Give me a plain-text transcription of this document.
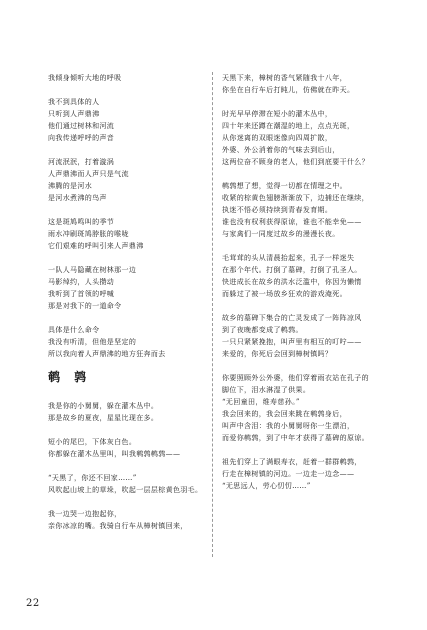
我倾身倾听大地的呼吸
我不到具体的人
只听到人声鼎沸
他们通过树林和河流
向我传递呼呼的声音
河流泯泯，打着漩涡
人声鼎沸而人声只是气流
沸腾的是河水
是河水煮沸的鸟声
这是斑鸠鸣叫的季节
雨水冲刷斑鸠脖胀的喉咙
它们艰难的呼叫引来人声鼎沸
一队人马隐藏在树林那一边
马影绰约，人头攒动
我听到了首领的呼喊
那是对我下的一道命令
具体是什么命令
我没有听清，但他是坚定的
所以我向着人声鼎沸的地方狂奔而去
鹌 鹑
我是你的小舅舅，躲在灌木丛中。
那是故乡的夏夜，星星比现在多。
短小的尾巴，下体灰白色。
你都躲在灌木丛里叫，叫我鹌鹑鹌鹑——
“天黑了，你还不回家……”
风吹起山坡上的草垛，吹起一层层棕黄色羽毛。
我一边哭一边抱起你，
亲你冰凉的嘴。我骑自行车从樟树镇回来，
天黑下来，樟树的香气紧随我十八年，
你坐在自行车后打盹儿，仿佛就在昨天。
时光早早停滞在短小的灌木丛中，
四十年来还蹲在潮湿的地上，点点光斑，
从你迷离的双眼迷像向四周扩散，
外婆、外公消着你的气味去到后山，
这两位奋不顾身的老人，他们到底要干什么？
鹌鹑想了想，觉得一切都在情理之中。
收紧的棕黄色翅膀渐渐放下，边捕还在继续，
执迷不悟必须持续到青春发育期。
谁也没有权利获得原谅，谁也不能幸免——
与家禽们一同度过故乡的漫漫长夜。
毛茸茸的头从清晨抬起来，孔子一样迷失
在那个年代。打倒了墓碑，打倒了孔圣人。
快进成长在故乡的洪水泛滥中，你因为懒惰
而躲过了被一场放乡狂欢的游戏淹死。
故乡的墓碑下集合的亡灵发成了一阵阵凉风
到了夜晚都变成了鹌鹑。
一只只紧紧挽抱，叫声里有相互的叮咛——
来爱的，你死后会回到樟树镇吗？
你要照顾外公外婆，他们穿着雨衣站在孔子的
脚位下，泪水淋湿了供果。
“无回童田，维寿慈孙。”
我会回来的，我会回来跳在鹌鹑身后，
叫声中含泪：我的小舅舅呀你一生漂泊，
而爱你鹌鹑，到了中年才获得了墓碑的原谅。
祖先们穿上了满眼寿衣，赶着一群群鹌鹑，
行走在樟树镇的河边。一边走一边念——
“无思远人，劳心忉忉……”
22
